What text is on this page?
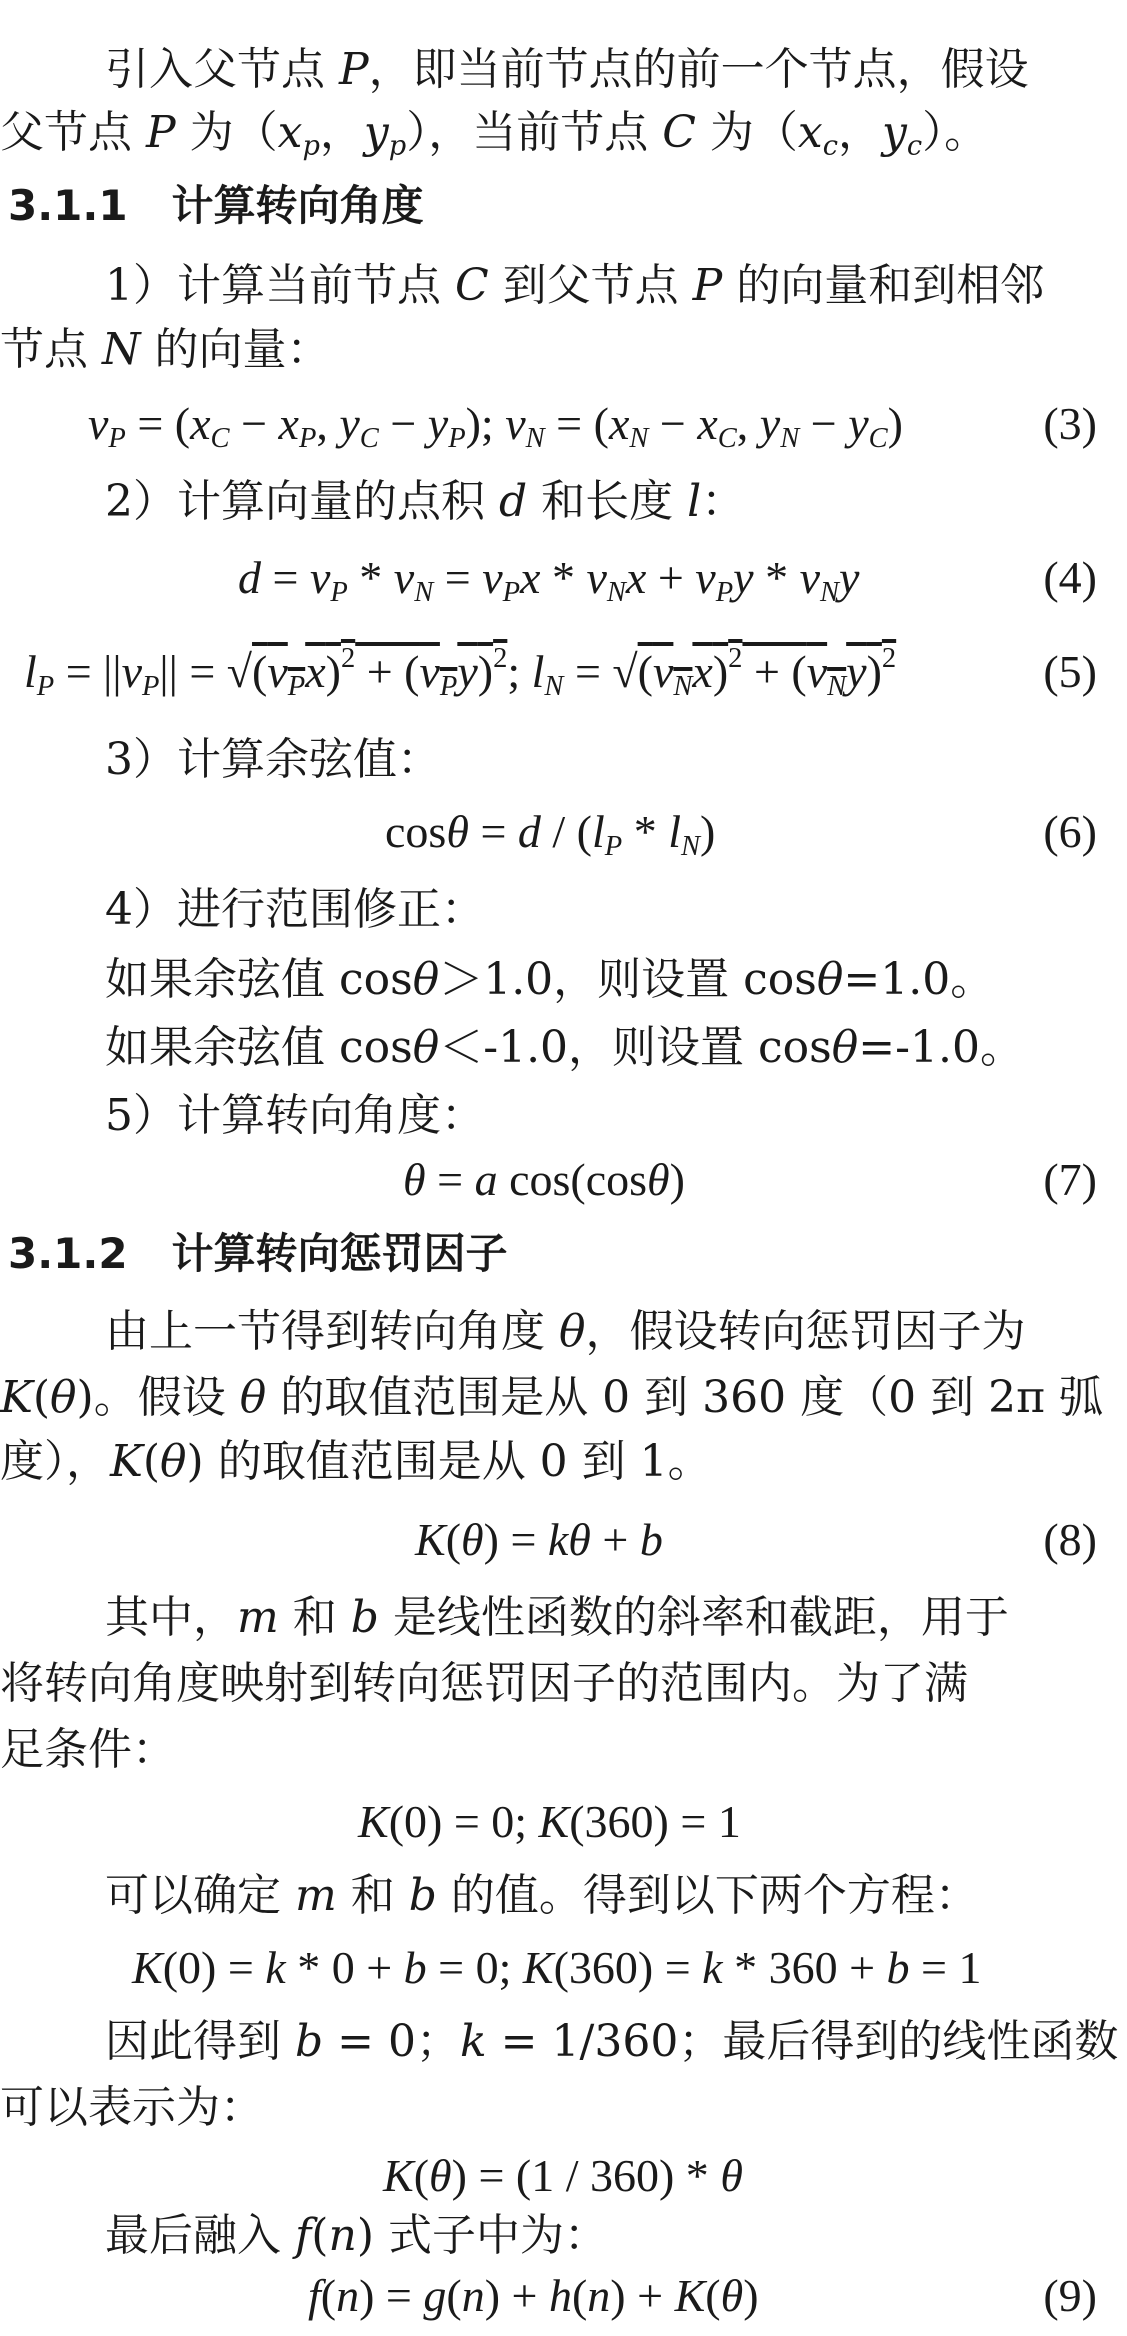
引入父节点 P，即当前节点的前一个节点，假设
父节点 P 为（$x_p$，$y_p$），当前节点 C 为（$x_c$，$y_c$）。
3.1.1 计算转向角度
1）计算当前节点 C 到父节点 P 的向量和到相邻
节点 N 的向量：
$v_P = (x_C - x_P$, $y_C - y_P$); $v_N = (x_N - x_C$, $y_N - y_C$)	(3)
2）计算向量的点积 d 和长度 l：
$d = v_P * v_N = v_Px * v_Nx + v_Py * v_Ny$	(4)
$l_P = ||v_P|| = √(v_Px)^2 + (v_Py)^2$; $l_N = √(v_Nx)^2 + (v_Ny)^2$	(5)
3）计算余弦值：
$\cos\theta = d / (l_P * l_N)$	(6)
4）进行范围修正：
如果余弦值 cosθ＞1.0，则设置 cosθ=1.0。
如果余弦值 cosθ＜-1.0，则设置 cosθ=-1.0。
5）计算转向角度：
θ = a cos(cosθ)	(7)
3.1.2 计算转向惩罚因子
由上一节得到转向角度 θ，假设转向惩罚因子为
K(θ)。假设 θ 的取值范围是从 0 到 360 度（0 到 2π 弧
度），K(θ) 的取值范围是从 0 到 1。
K(θ) = kθ + b	(8)
其中，m 和 b 是线性函数的斜率和截距，用于
将转向角度映射到转向惩罚因子的范围内。为了满
足条件：
K(0) = 0; K(360) = 1
可以确定 m 和 b 的值。得到以下两个方程：
K(0) = k * 0 + b = 0; K(360) = k * 360 + b = 1
因此得到 b = 0；k = 1/360；最后得到的线性函数
可以表示为：
K(θ) = (1 / 360) * θ
最后融入 f(n) 式子中为：
f(n) = g(n) + h(n) + K(θ)	(9)
